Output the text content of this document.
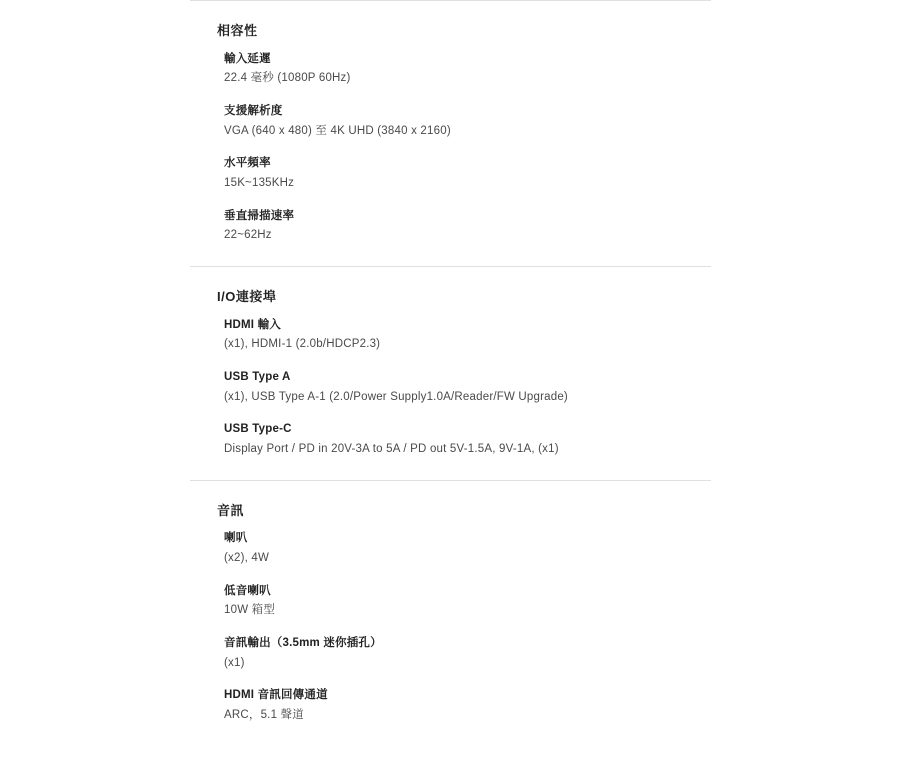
相容性
輸入延遲
22.4 毫秒 (1080P 60Hz)
支援解析度
VGA (640 x 480) 至 4K UHD (3840 x 2160)
水平頻率
15K~135KHz
垂直掃描速率
22~62Hz
I/O連接埠
HDMI 輸入
(x1), HDMI-1 (2.0b/HDCP2.3)
USB Type A
(x1), USB Type A-1 (2.0/Power Supply1.0A/Reader/FW Upgrade)
USB Type-C
Display Port / PD in 20V-3A to 5A / PD out 5V-1.5A, 9V-1A, (x1)
音訊
喇叭
(x2), 4W
低音喇叭
10W 箱型
音訊輸出（3.5mm 迷你插孔）
(x1)
HDMI 音訊回傳通道
ARC，5.1 聲道
